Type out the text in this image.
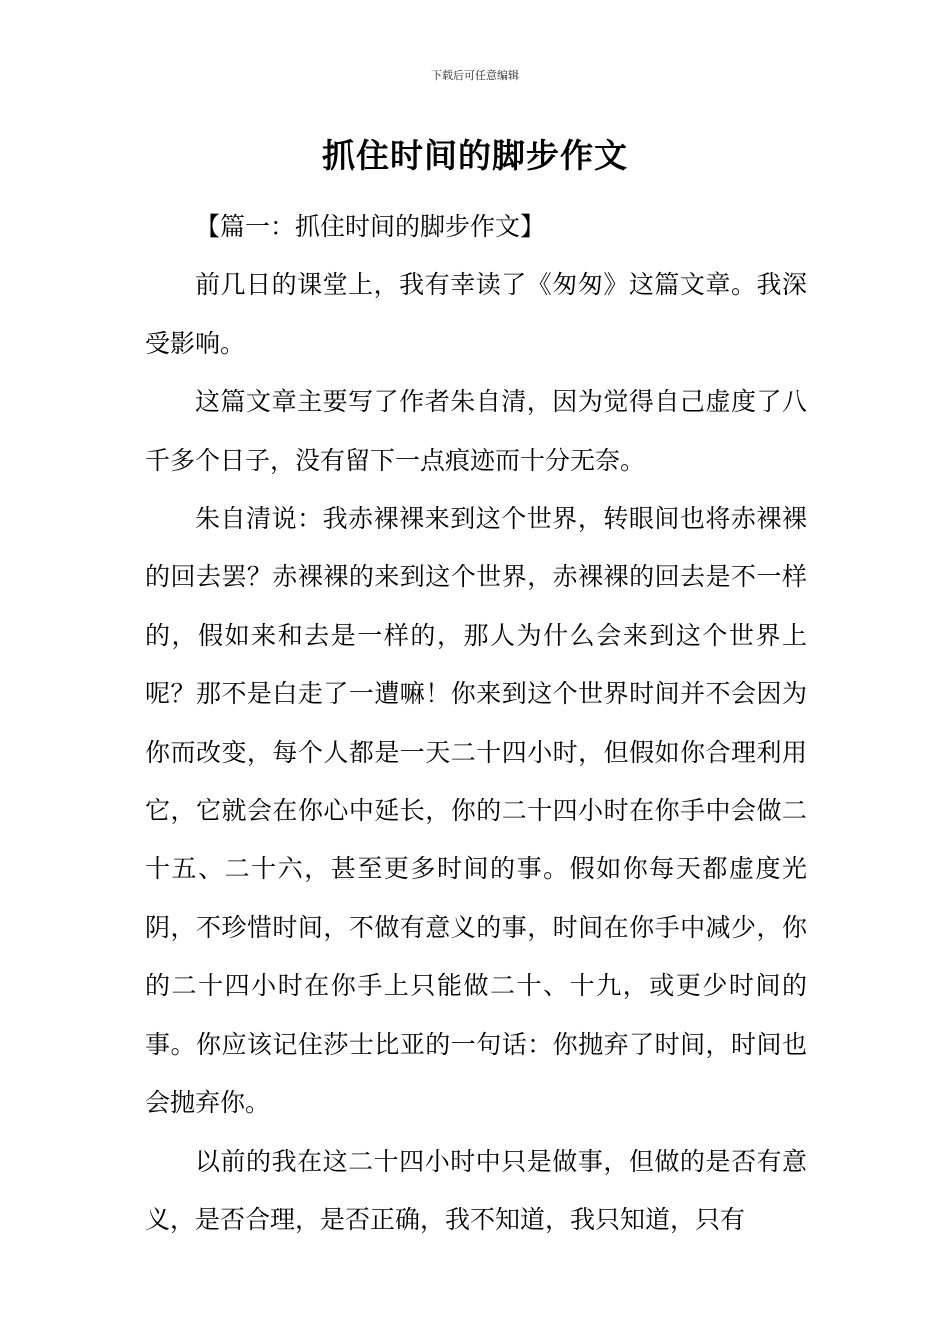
下载后可任意编辑
抓住时间的脚步作文

【篇一：抓住时间的脚步作文】

前几日的课堂上，我有幸读了《匆匆》这篇文章。我深受影响。

这篇文章主要写了作者朱自清，因为觉得自己虚度了八千多个日子，没有留下一点痕迹而十分无奈。

朱自清说：我赤裸裸来到这个世界，转眼间也将赤裸裸的回去罢？赤裸裸的来到这个世界，赤裸裸的回去是不一样的，假如来和去是一样的，那人为什么会来到这个世界上呢？那不是白走了一遭嘛！你来到这个世界时间并不会因为你而改变，每个人都是一天二十四小时，但假如你合理利用它，它就会在你心中延长，你的二十四小时在你手中会做二十五、二十六，甚至更多时间的事。假如你每天都虚度光阴，不珍惜时间，不做有意义的事，时间在你手中减少，你的二十四小时在你手上只能做二十、十九，或更少时间的事。你应该记住莎士比亚的一句话：你抛弃了时间，时间也会抛弃你。

以前的我在这二十四小时中只是做事，但做的是否有意义，是否合理，是否正确，我不知道，我只知道，只有
